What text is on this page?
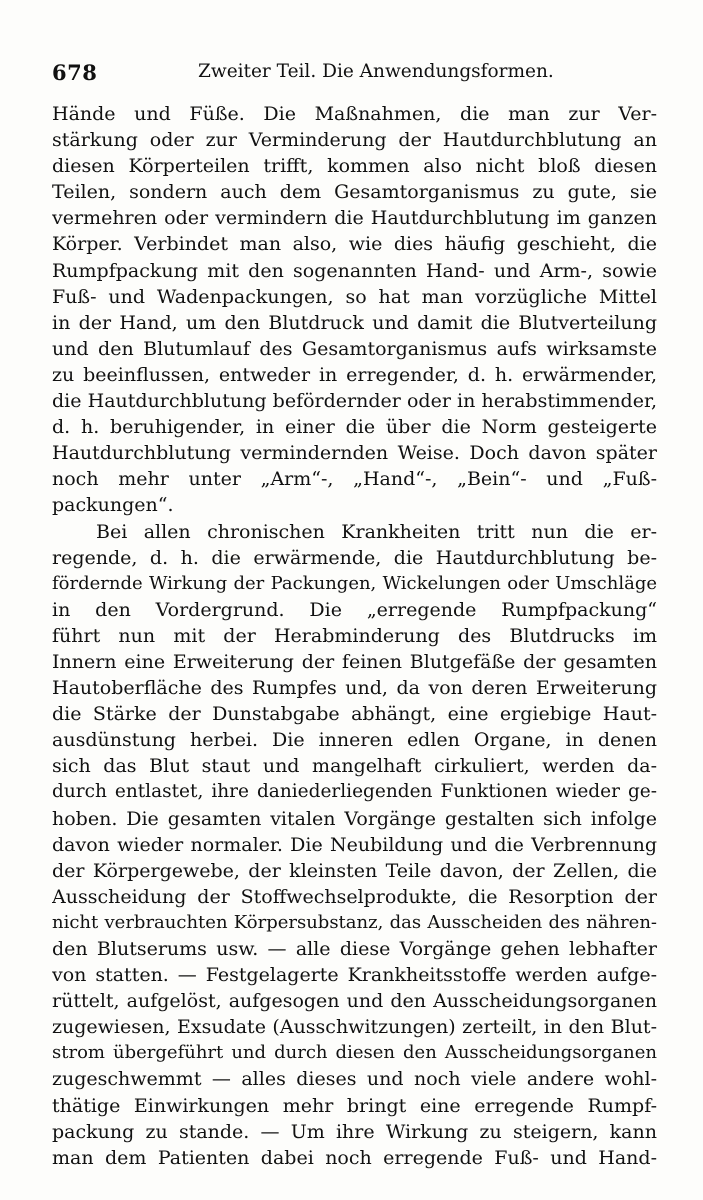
678	Zweiter Teil. Die Anwendungsformen.
Hände und Füße. Die Maßnahmen, die man zur Ver-
stärkung oder zur Verminderung der Hautdurchblutung an
diesen Körperteilen trifft, kommen also nicht bloß diesen
Teilen, sondern auch dem Gesamtorganismus zu gute, sie
vermehren oder vermindern die Hautdurchblutung im ganzen
Körper. Verbindet man also, wie dies häufig geschieht, die
Rumpfpackung mit den sogenannten Hand- und Arm-, sowie
Fuß- und Wadenpackungen, so hat man vorzügliche Mittel
in der Hand, um den Blutdruck und damit die Blutverteilung
und den Blutumlauf des Gesamtorganismus aufs wirksamste
zu beeinflussen, entweder in erregender, d. h. erwärmender,
die Hautdurchblutung befördernder oder in herabstimmender,
d. h. beruhigender, in einer die über die Norm gesteigerte
Hautdurchblutung vermindernden Weise. Doch davon später
noch mehr unter „Arm“-, „Hand“-, „Bein“- und „Fuß-
packungen“.
Bei allen chronischen Krankheiten tritt nun die er-
regende, d. h. die erwärmende, die Hautdurchblutung be-
fördernde Wirkung der Packungen, Wickelungen oder Umschläge
in den Vordergrund. Die „erregende Rumpfpackung“
führt nun mit der Herabminderung des Blutdrucks im
Innern eine Erweiterung der feinen Blutgefäße der gesamten
Hautoberfläche des Rumpfes und, da von deren Erweiterung
die Stärke der Dunstabgabe abhängt, eine ergiebige Haut-
ausdünstung herbei. Die inneren edlen Organe, in denen
sich das Blut staut und mangelhaft cirkuliert, werden da-
durch entlastet, ihre daniederliegenden Funktionen wieder ge-
hoben. Die gesamten vitalen Vorgänge gestalten sich infolge
davon wieder normaler. Die Neubildung und die Verbrennung
der Körpergewebe, der kleinsten Teile davon, der Zellen, die
Ausscheidung der Stoffwechselprodukte, die Resorption der
nicht verbrauchten Körpersubstanz, das Ausscheiden des nähren-
den Blutserums usw. — alle diese Vorgänge gehen lebhafter
von statten. — Festgelagerte Krankheitsstoffe werden aufge-
rüttelt, aufgelöst, aufgesogen und den Ausscheidungsorganen
zugewiesen, Exsudate (Ausschwitzungen) zerteilt, in den Blut-
strom übergeführt und durch diesen den Ausscheidungsorganen
zugeschwemmt — alles dieses und noch viele andere wohl-
thätige Einwirkungen mehr bringt eine erregende Rumpf-
packung zu stande. — Um ihre Wirkung zu steigern, kann
man dem Patienten dabei noch erregende Fuß- und Hand-
